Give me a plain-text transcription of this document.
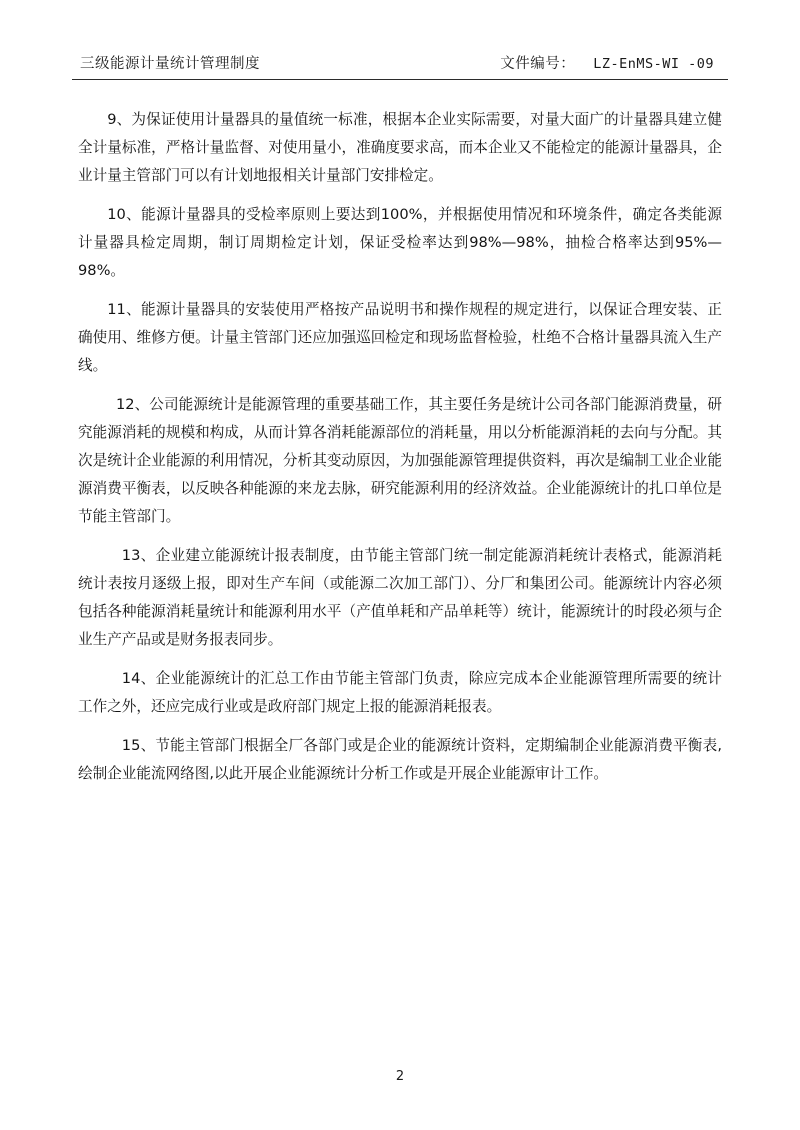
三级能源计量统计管理制度	文件编号：	LZ-EnMS-WI -09

9、为保证使用计量器具的量值统一标准，根据本企业实际需要，对量大面广的计量器具建立健全计量标准，严格计量监督、对使用量小，准确度要求高，而本企业又不能检定的能源计量器具，企业计量主管部门可以有计划地报相关计量部门安排检定。

10、能源计量器具的受检率原则上要达到100%，并根据使用情况和环境条件，确定各类能源计量器具检定周期，制订周期检定计划，保证受检率达到98%—98%，抽检合格率达到95%—98%。

11、能源计量器具的安装使用严格按产品说明书和操作规程的规定进行，以保证合理安装、正确使用、维修方便。计量主管部门还应加强巡回检定和现场监督检验，杜绝不合格计量器具流入生产线。

12、公司能源统计是能源管理的重要基础工作，其主要任务是统计公司各部门能源消费量，研究能源消耗的规模和构成，从而计算各消耗能源部位的消耗量，用以分析能源消耗的去向与分配。其次是统计企业能源的利用情况，分析其变动原因，为加强能源管理提供资料，再次是编制工业企业能源消费平衡表，以反映各种能源的来龙去脉，研究能源利用的经济效益。企业能源统计的扎口单位是节能主管部门。

13、企业建立能源统计报表制度，由节能主管部门统一制定能源消耗统计表格式，能源消耗统计表按月逐级上报，即对生产车间（或能源二次加工部门）、分厂和集团公司。能源统计内容必须包括各种能源消耗量统计和能源利用水平（产值单耗和产品单耗等）统计，能源统计的时段必须与企业生产产品或是财务报表同步。

14、企业能源统计的汇总工作由节能主管部门负责，除应完成本企业能源管理所需要的统计工作之外，还应完成行业或是政府部门规定上报的能源消耗报表。

15、节能主管部门根据全厂各部门或是企业的能源统计资料，定期编制企业能源消费平衡表,绘制企业能流网络图,以此开展企业能源统计分析工作或是开展企业能源审计工作。

2
